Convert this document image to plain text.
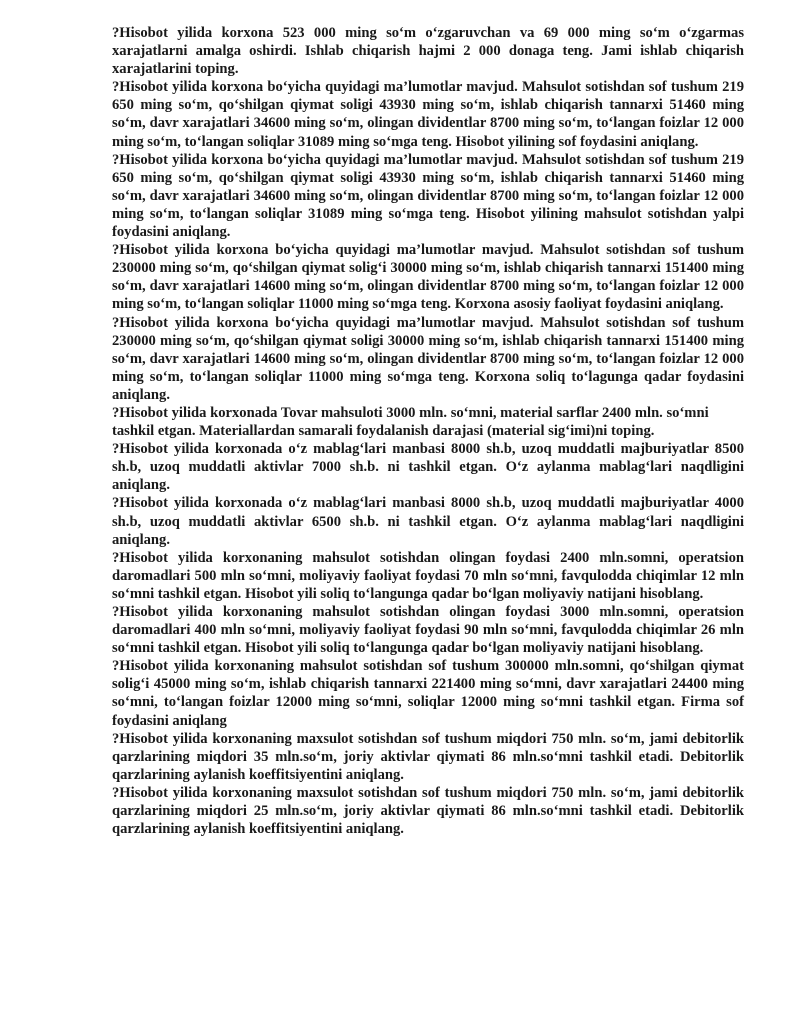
?Hisobot yilida korxona 523 000 ming so‘m o‘zgaruvchan va 69 000 ming so‘m o‘zgarmas xarajatlarni amalga oshirdi. Ishlab chiqarish hajmi 2 000 donaga teng. Jami ishlab chiqarish xarajatlarini toping.

?Hisobot yilida korxona bo‘yicha quyidagi ma’lumotlar mavjud. Mahsulot sotishdan sof tushum 219 650 ming so‘m, qo‘shilgan qiymat soligi 43930 ming so‘m, ishlab chiqarish tannarxi 51460 ming so‘m, davr xarajatlari 34600 ming so‘m, olingan dividentlar 8700 ming so‘m, to‘langan foizlar 12 000 ming so‘m, to‘langan soliqlar 31089 ming so‘mga teng. Hisobot yilining sof foydasini aniqlang.

?Hisobot yilida korxona bo‘yicha quyidagi ma’lumotlar mavjud. Mahsulot sotishdan sof tushum 219 650 ming so‘m, qo‘shilgan qiymat soligi 43930 ming so‘m, ishlab chiqarish tannarxi 51460 ming so‘m, davr xarajatlari 34600 ming so‘m, olingan dividentlar 8700 ming so‘m, to‘langan foizlar 12 000 ming so‘m, to‘langan soliqlar 31089 ming so‘mga teng. Hisobot yilining mahsulot sotishdan yalpi foydasini aniqlang.

?Hisobot yilida korxona bo‘yicha quyidagi ma’lumotlar mavjud. Mahsulot sotishdan sof tushum 230000 ming so‘m, qo‘shilgan qiymat solig‘i 30000 ming so‘m, ishlab chiqarish tannarxi 151400 ming so‘m, davr xarajatlari 14600 ming so‘m, olingan dividentlar 8700 ming so‘m, to‘langan foizlar 12 000 ming so‘m, to‘langan soliqlar 11000 ming so‘mga teng. Korxona asosiy faoliyat foydasini aniqlang.

?Hisobot yilida korxona bo‘yicha quyidagi ma’lumotlar mavjud. Mahsulot sotishdan sof tushum 230000 ming so‘m, qo‘shilgan qiymat soligi 30000 ming so‘m, ishlab chiqarish tannarxi 151400 ming so‘m, davr xarajatlari 14600 ming so‘m, olingan dividentlar 8700 ming so‘m, to‘langan foizlar 12 000 ming so‘m, to‘langan soliqlar 11000 ming so‘mga teng. Korxona soliq to‘lagunga qadar foydasini aniqlang.

?Hisobot yilida korxonada Tovar mahsuloti 3000 mln. so‘mni, material sarflar 2400 mln. so‘mni tashkil etgan. Materiallardan samarali foydalanish darajasi (material sig‘imi)ni toping.

?Hisobot yilida korxonada o‘z mablag‘lari manbasi 8000 sh.b, uzoq muddatli majburiyatlar 8500 sh.b, uzoq muddatli aktivlar 7000 sh.b. ni tashkil etgan. O‘z aylanma mablag‘lari naqdligini aniqlang.

?Hisobot yilida korxonada o‘z mablag‘lari manbasi 8000 sh.b, uzoq muddatli majburiyatlar 4000 sh.b, uzoq muddatli aktivlar 6500 sh.b. ni tashkil etgan. O‘z aylanma mablag‘lari naqdligini aniqlang.

?Hisobot yilida korxonaning mahsulot sotishdan olingan foydasi 2400 mln.somni, operatsion daromadlari 500 mln so‘mni, moliyaviy faoliyat foydasi 70 mln so‘mni, favqulodda chiqimlar 12 mln so‘mni tashkil etgan. Hisobot yili soliq to‘langunga qadar bo‘lgan moliyaviy natijani hisoblang.

?Hisobot yilida korxonaning mahsulot sotishdan olingan foydasi 3000 mln.somni, operatsion daromadlari 400 mln so‘mni, moliyaviy faoliyat foydasi 90 mln so‘mni, favqulodda chiqimlar 26 mln so‘mni tashkil etgan. Hisobot yili soliq to‘langunga qadar bo‘lgan moliyaviy natijani hisoblang.

?Hisobot yilida korxonaning mahsulot sotishdan sof tushum 300000 mln.somni, qo‘shilgan qiymat solig‘i 45000 ming so‘m, ishlab chiqarish tannarxi 221400 ming so‘mni, davr xarajatlari 24400 ming so‘mni, to‘langan foizlar 12000 ming so‘mni, soliqlar 12000 ming so‘mni tashkil etgan. Firma sof foydasini aniqlang

?Hisobot yilida korxonaning maxsulot sotishdan sof tushum miqdori 750 mln. so‘m, jami debitorlik qarzlarining miqdori 35 mln.so‘m, joriy aktivlar qiymati 86 mln.so‘mni tashkil etadi. Debitorlik qarzlarining aylanish koeffitsiyentini aniqlang.

?Hisobot yilida korxonaning maxsulot sotishdan sof tushum miqdori 750 mln. so‘m, jami debitorlik qarzlarining miqdori 25 mln.so‘m, joriy aktivlar qiymati 86 mln.so‘mni tashkil etadi. Debitorlik qarzlarining aylanish koeffitsiyentini aniqlang.
